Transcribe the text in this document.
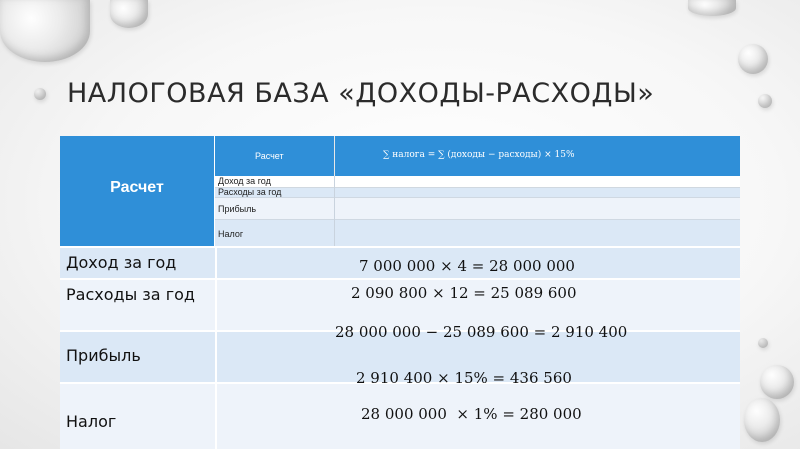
НАЛОГОВАЯ БАЗА «ДОХОДЫ-РАСХОДЫ»
Расчет
Расчет	∑ налога = ∑ (доходы − расходы) × 15%
Доход за год
Расходы за год
Прибыль
Налог
Доход за год
Расходы за год
Прибыль
Налог
7 000 000 × 4 = 28 000 000
2 090 800 × 12 = 25 089 600
28 000 000 − 25 089 600 = 2 910 400
2 910 400 × 15% = 436 560
28 000 000  × 1% = 280 000
